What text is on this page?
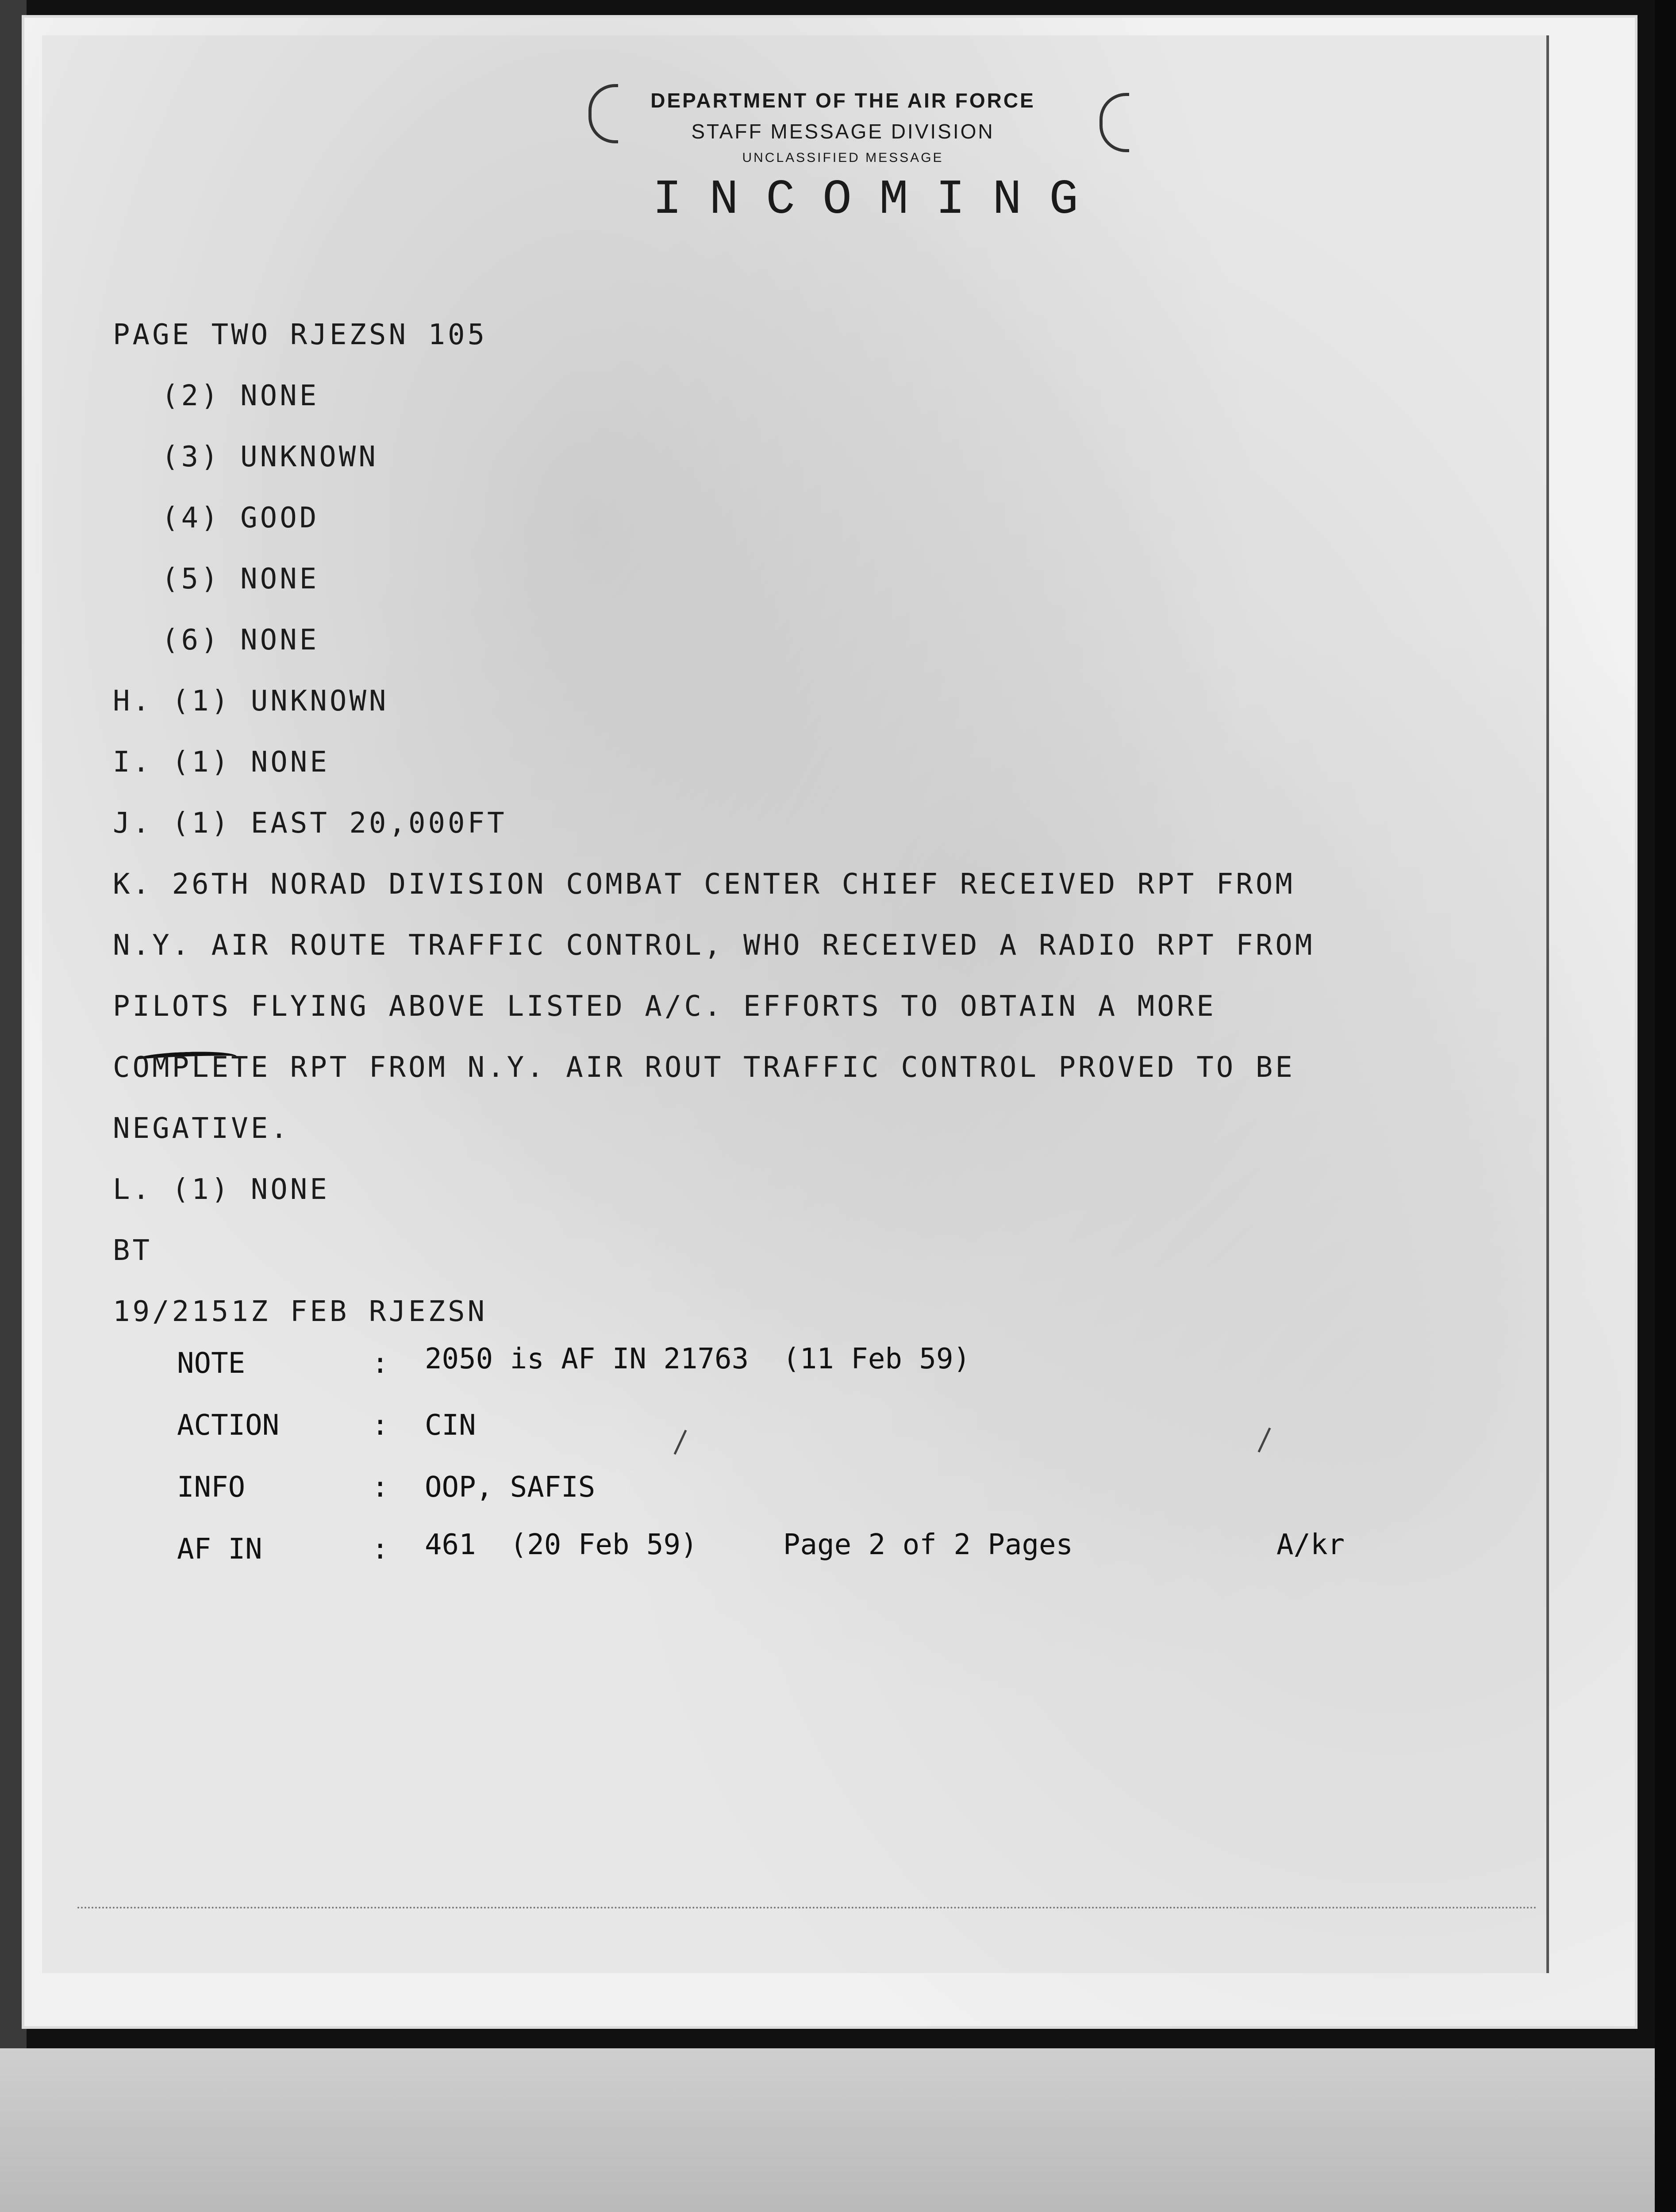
DEPARTMENT OF THE AIR FORCE
STAFF MESSAGE DIVISION
UNCLASSIFIED MESSAGE
INCOMING
PAGE TWO RJEZSN 105
(2) NONE
(3) UNKNOWN
(4) GOOD
(5) NONE
(6) NONE
H. (1) UNKNOWN
I. (1) NONE
J. (1) EAST 20,000FT
K. 26TH NORAD DIVISION COMBAT CENTER CHIEF RECEIVED RPT FROM
N.Y. AIR ROUTE TRAFFIC CONTROL, WHO RECEIVED A RADIO RPT FROM
PILOTS FLYING ABOVE LISTED A/C. EFFORTS TO OBTAIN A MORE
COMPLETE RPT FROM N.Y. AIR ROUT TRAFFIC CONTROL PROVED TO BE
NEGATIVE.
L. (1) NONE
BT
19/2151Z FEB RJEZSN
NOTE	: 2050 is AF IN 21763  (11 Feb 59)
ACTION	: CIN
INFO	: OOP, SAFIS
AF IN	: 461  (20 Feb 59)	Page 2 of 2 Pages	A/kr
